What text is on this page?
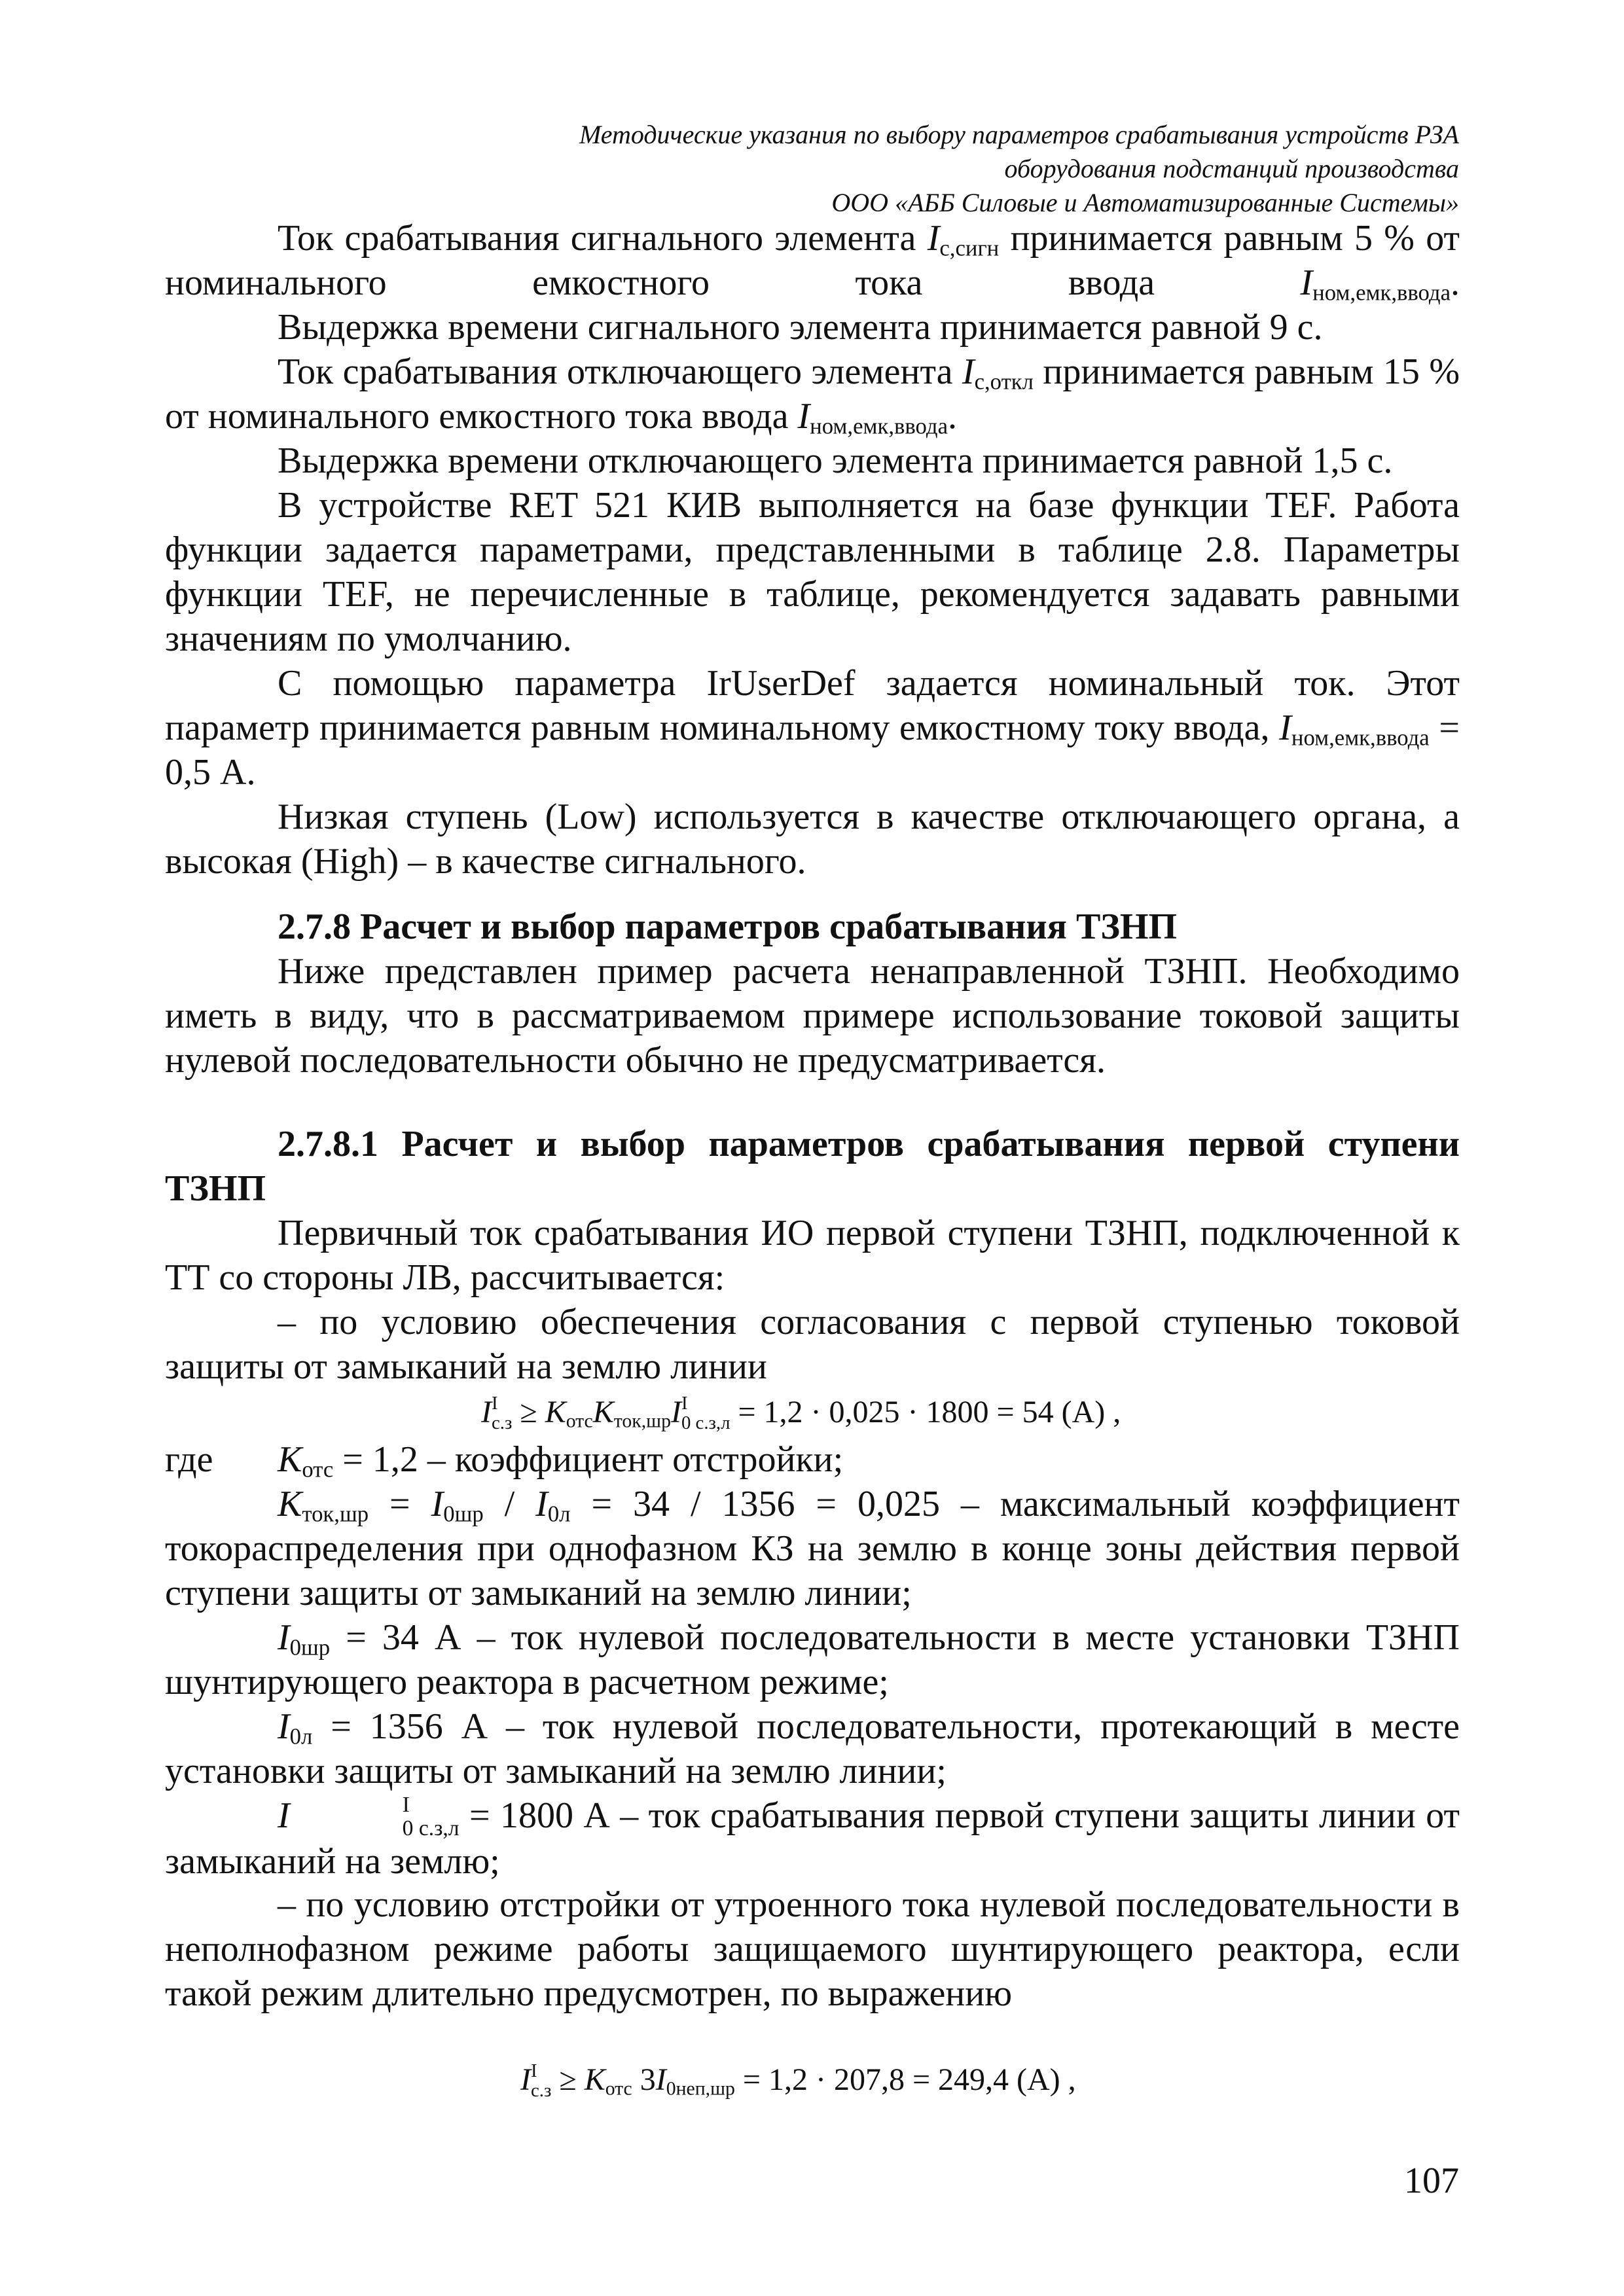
Методические указания по выбору параметров срабатывания устройств РЗА
оборудования подстанций производства
ООО «АББ Силовые и Автоматизированные Системы»
Ток срабатывания сигнального элемента $I_{с,сигн}$ принимается равным 5 % от номинального емкостного тока ввода $I_{ном,емк,ввода}$.
Выдержка времени сигнального элемента принимается равной 9 с.
Ток срабатывания отключающего элемента $I_{с,откл}$ принимается равным 15 % от номинального емкостного тока ввода $I_{ном,емк,ввода}$.
Выдержка времени отключающего элемента принимается равной 1,5 с.
В устройстве RET 521 КИВ выполняется на базе функции TEF. Работа функции задается параметрами, представленными в таблице 2.8. Параметры функции TEF, не перечисленные в таблице, рекомендуется задавать равными значениям по умолчанию.
С помощью параметра IrUserDef задается номинальный ток. Этот параметр принимается равным номинальному емкостному току ввода, $I_{ном,емк,ввода} = 0,5$ А.
Низкая ступень (Low) используется в качестве отключающего органа, а высокая (High) – в качестве сигнального.
2.7.8 Расчет и выбор параметров срабатывания ТЗНП
Ниже представлен пример расчета ненаправленной ТЗНП. Необходимо иметь в виду, что в рассматриваемом примере использование токовой защиты нулевой последовательности обычно не предусматривается.
2.7.8.1 Расчет и выбор параметров срабатывания первой ступени ТЗНП
Первичный ток срабатывания ИО первой ступени ТЗНП, подключенной к ТТ со стороны ЛВ, рассчитывается:
– по условию обеспечения согласования с первой ступенью токовой защиты от замыканий на землю линии
I I
$с.з \ge K_{отс}K_{ток,шр}I$ I
0 с.з,л = 1,2 · 0,025 · 1800 = 54 (А) ,
где	$K_{отс} = 1,2$ – коэффициент отстройки;
$K_{ток,шр} = I_{0шр} / I_{0л} = 34 / 1356 = 0,025$ – максимальный коэффициент токораспределения при однофазном КЗ на землю в конце зоны действия первой ступени защиты от замыканий на землю линии;
$I_{0шр} = 34$ А – ток нулевой последовательности в месте установки ТЗНП шунтирующего реактора в расчетном режиме;
$I_{0л} = 1356$ А – ток нулевой последовательности, протекающий в месте установки защиты от замыканий на землю линии;
I	I
0 с.з,л = 1800 А – ток срабатывания первой ступени защиты линии от замыканий на землю;
– по условию отстройки от утроенного тока нулевой последовательности в неполнофазном режиме работы защищаемого шунтирующего реактора, если такой режим длительно предусмотрен, по выражению
I I
$с.з \ge K_{отс}$ $3I_{0неп,шр} = 1,2 \cdot 207,8 = 249,4$ (А) ,
107
